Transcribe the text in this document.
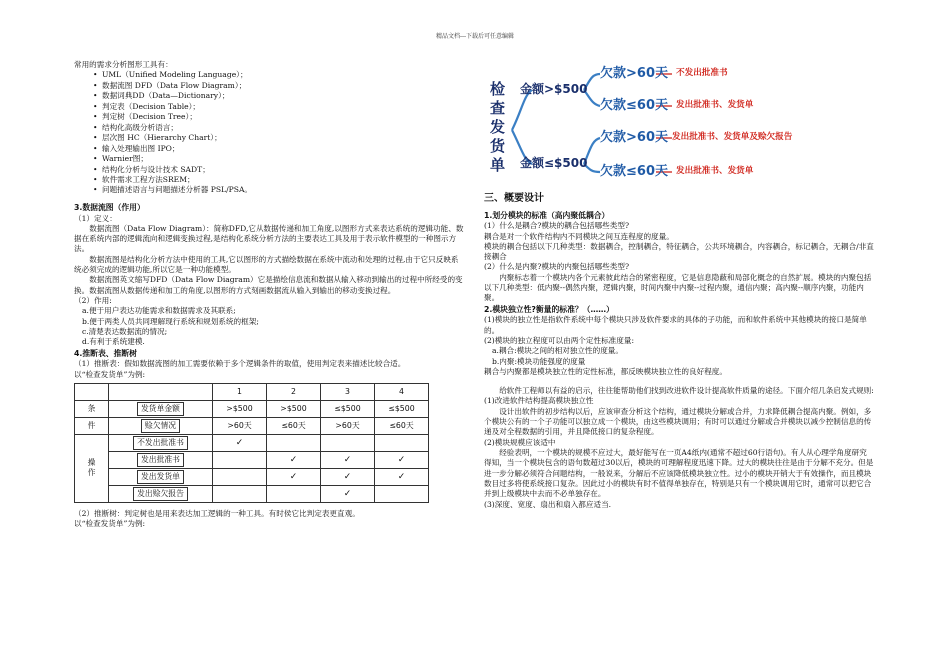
精品文档---下载后可任意编辑

常用的需求分析图形工具有：

• UML（Unified Modeling Language）；
• 数据流图 DFD（Data Flow Diagram）；
• 数据词典DD（Data—Dictionary）；
• 判定表（Decision Table）；
• 判定树（Decision Tree）；
• 结构化高级分析语言；
• 层次图 HC（Hierarchy Chart）；
• 输入处理输出图 IPO；
• Warnier图；
• 结构化分析与设计技术 SADT；
• 软件需求工程方法SREM；
• 问题描述语言与问题描述分析器 PSL/PSA。

3.数据流图（作用）

（1）定义：

数据流图（Data Flow Diagram）：简称DFD,它从数据传递和加工角度,以图形方式来表达系统的逻辑功能、数据在系统内部的逻辑流向和逻辑变换过程,是结构化系统分析方法的主要表达工具及用于表示软件模型的一种图示方法。

数据流图是结构化分析方法中使用的工具,它以图形的方式描绘数据在系统中流动和处理的过程,由于它只反映系统必须完成的逻辑功能,所以它是一种功能模型。

数据流图英文缩写DFD（Data Flow Diagram）它是描绘信息流和数据从输入移动到输出的过程中所经受的变换。数据流图从数据传递和加工的角度,以图形的方式刻画数据流从输入到输出的移动变换过程。

（2）作用:

a.便于用户表达功能需求和数据需求及其联系;

b.便于两类人员共同理解现行系统和规划系统的框架;

c.清楚表达数据流的情况;

d.有利于系统建模.

4.推断表、推断树

（1）推断表：假如数据流图的加工需要依赖于多个逻辑条件的取值，使用判定表来描述比较合适。

以“检查发货单”为例:

		1	2	3	4
条	发货单金额	>$500	>$500	≤$500	≤$500
件	赊欠情况	>60天	≤60天	>60天	≤60天
操	不发出批准书	✓			
	发出批准书		✓	✓	✓
作	发出发货单		✓	✓	✓
	发出赊欠报告			✓	

（2）推断树：判定树也是用来表达加工逻辑的一种工具。有时侯它比判定表更直观。

以“检查发货单”为例:

检
查
发
货
单
金额>$500
金额≤$500
欠款>60天
欠款≤60天
欠款>60天
欠款≤60天
不发出批准书
发出批准书、发货单
发出批准书、发货单及赊欠报告
发出批准书、发货单

三、概要设计

1.划分模块的标准（高内聚低耦合）

(1）什么是耦合?模块的耦合包括哪些类型?

耦合是对一个软件结构内不同模块之间互连程度的度量。

模块的耦合包括以下几种类型：数据耦合，控制耦合，特征耦合，公共环境耦合，内容耦合，标记耦合，无耦合/非直接耦合

(2）什么是内聚?模块的内聚包括哪些类型?

内聚标志着一个模块内各个元素彼此结合的紧密程度，它是信息隐蔽和局部化概念的自然扩展。模块的内聚包括以下几种类型：低内聚--偶然内聚，逻辑内聚，时间内聚中内聚--过程内聚，通信内聚；高内聚--顺序内聚，功能内聚。

2.模块独立性?衡量的标准？（……）

(1)模块的独立性是指软件系统中每个模块只涉及软件要求的具体的子功能，而和软件系统中其他模块的接口是简单的。

(2)模块的独立程度可以由两个定性标准度量:

a.耦合:模块之间的相对独立性的度量。

b.内聚:模块功能强度的度量

耦合与内聚都是模块独立性的定性标准，都反映模块独立性的良好程度。

给软件工程师以有益的启示，往往能帮助他们找到改进软件设计提高软件质量的途径。下面介绍几条启发式规则:

(1)改进软件结构提高模块独立性

设计出软件的初步结构以后，应该审查分析这个结构，通过模块分解或合并，力求降低耦合提高内聚。例如，多个模块公有的一个子功能可以独立成一个模块，由这些模块调用；有时可以通过分解或合并模块以减少控制信息的传递及对全程数据的引用，并且降低接口的复杂程度。

(2)模块规模应该适中

经验表明，一个模块的规模不应过大，最好能写在一页A4纸内(通常不超过60行语句)。有人从心理学角度研究得知，当一个模块包含的语句数超过30以后，模块的可理解程度迅速下降。过大的模块往往是由于分解不充分。但是进一步分解必须符合问题结构，一般说来，分解后不应该降低模块独立性。过小的模块开销大于有效操作，而且模块数目过多将使系统接口复杂。因此过小的模块有时不值得单独存在，特别是只有一个模块调用它时，通常可以把它合并到上级模块中去而不必单独存在。

(3)深度、宽度、扇出和扇入都应适当.
